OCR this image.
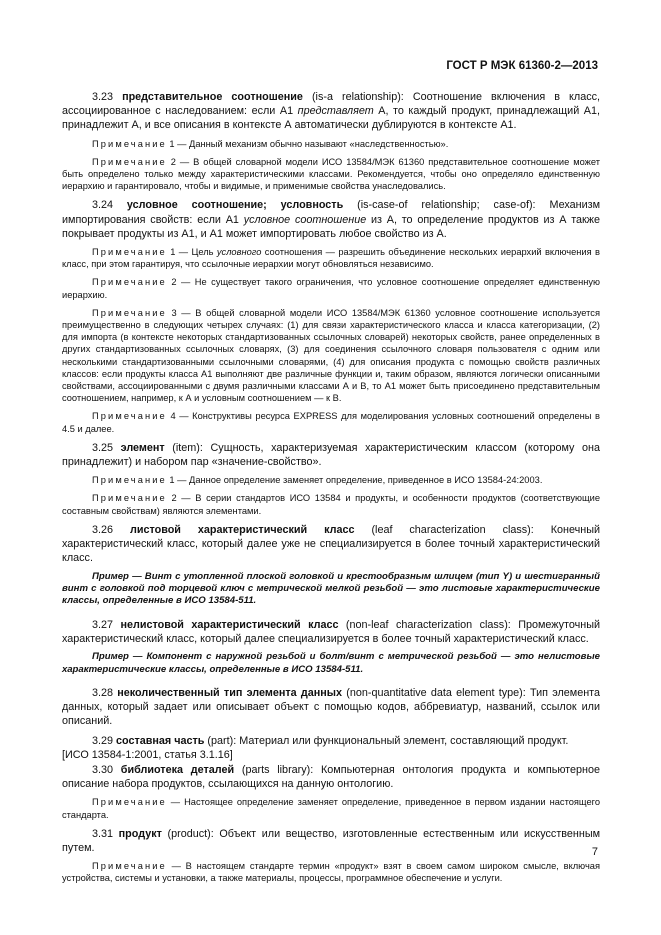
ГОСТ Р МЭК 61360-2—2013

3.23 представительное соотношение (is-a relationship): Соотношение включения в класс, ассоциированное с наследованием: если А1 представляет А, то каждый продукт, принадлежащий А1, принадлежит А, и все описания в контексте А автоматически дублируются в контексте А1.

Примечание 1 — Данный механизм обычно называют «наследственностью».

Примечание 2 — В общей словарной модели ИСО 13584/МЭК 61360 представительное соотношение может быть определено только между характеристическими классами. Рекомендуется, чтобы оно определяло единственную иерархию и гарантировало, чтобы и видимые, и применимые свойства унаследовались.

3.24 условное соотношение; условность (is-case-of relationship; case-of): Механизм импортирования свойств: если А1 условное соотношение из А, то определение продуктов из А также покрывает продукты из А1, и А1 может импортировать любое свойство из А.

Примечание 1 — Цель условного соотношения — разрешить объединение нескольких иерархий включения в класс, при этом гарантируя, что ссылочные иерархии могут обновляться независимо.

Примечание 2 — Не существует такого ограничения, что условное соотношение определяет единственную иерархию.

Примечание 3 — В общей словарной модели ИСО 13584/МЭК 61360 условное соотношение используется преимущественно в следующих четырех случаях: (1) для связи характеристического класса и класса категоризации, (2) для импорта (в контексте некоторых стандартизованных ссылочных словарей) некоторых свойств, ранее определенных в других стандартизованных ссылочных словарях, (3) для соединения ссылочного словаря пользователя с одним или несколькими стандартизованными ссылочными словарями, (4) для описания продукта с помощью свойств различных классов: если продукты класса А1 выполняют две различные функции и, таким образом, являются логически описанными свойствами, ассоциированными с двумя различными классами А и В, то А1 может быть присоединено представительным соотношением, например, к А и условным соотношением — к В.

Примечание 4 — Конструктивы ресурса EXPRESS для моделирования условных соотношений определены в 4.5 и далее.

3.25 элемент (item): Сущность, характеризуемая характеристическим классом (которому она принадлежит) и набором пар «значение-свойство».

Примечание 1 — Данное определение заменяет определение, приведенное в ИСО 13584-24:2003.

Примечание 2 — В серии стандартов ИСО 13584 и продукты, и особенности продуктов (соответствующие составным свойствам) являются элементами.

3.26 листовой характеристический класс (leaf characterization class): Конечный характеристический класс, который далее уже не специализируется в более точный характеристический класс.

Пример — Винт с утопленной плоской головкой и крестообразным шлицем (тип Y) и шестигранный винт с головкой под торцевой ключ с метрической мелкой резьбой — это листовые характеристические классы, определенные в ИСО 13584-511.

3.27 нелистовой характеристический класс (non-leaf characterization class): Промежуточный характеристический класс, который далее специализируется в более точный характеристический класс.

Пример — Компонент с наружной резьбой и болт/винт с метрической резьбой — это нелистовые характеристические классы, определенные в ИСО 13584-511.

3.28 неколичественный тип элемента данных (non-quantitative data element type): Тип элемента данных, который задает или описывает объект с помощью кодов, аббревиатур, названий, ссылок или описаний.

3.29 составная часть (part): Материал или функциональный элемент, составляющий продукт.
[ИСО 13584-1:2001, статья 3.1.16]

3.30 библиотека деталей (parts library): Компьютерная онтология продукта и компьютерное описание набора продуктов, ссылающихся на данную онтологию.

Примечание — Настоящее определение заменяет определение, приведенное в первом издании настоящего стандарта.

3.31 продукт (product): Объект или вещество, изготовленные естественным или искусственным путем.

Примечание — В настоящем стандарте термин «продукт» взят в своем самом широком смысле, включая устройства, системы и установки, а также материалы, процессы, программное обеспечение и услуги.

7
